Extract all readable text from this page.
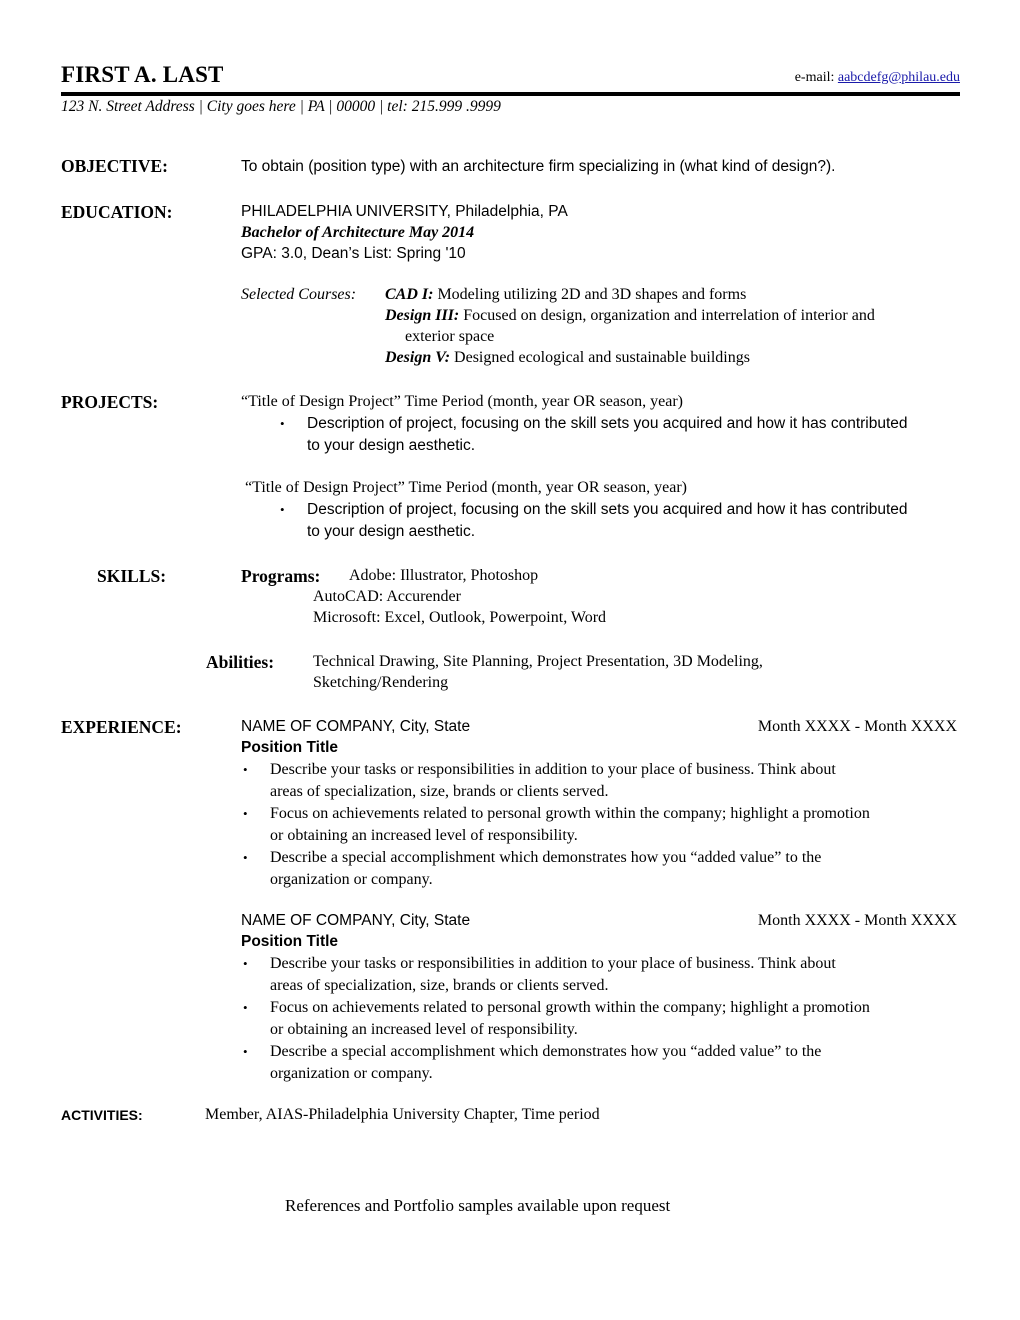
FIRST A. LAST	e-mail: aabcdefg@philau.edu
123 N. Street Address | City goes here | PA | 00000 | tel: 215.999 .9999
OBJECTIVE:	To obtain (position type) with an architecture firm specializing in (what kind of design?).
EDUCATION:	PHILADELPHIA UNIVERSITY, Philadelphia, PA
Bachelor of Architecture May 2014
GPA: 3.0, Dean’s List: Spring '10
Selected Courses: CAD I: Modeling utilizing 2D and 3D shapes and forms
Design III: Focused on design, organization and interrelation of interior and
exterior space
Design V: Designed ecological and sustainable buildings
PROJECTS:	“Title of Design Project” Time Period (month, year OR season, year)
• Description of project, focusing on the skill sets you acquired and how it has contributed
to your design aesthetic.
“Title of Design Project” Time Period (month, year OR season, year)
• Description of project, focusing on the skill sets you acquired and how it has contributed
to your design aesthetic.
SKILLS:	Programs: Adobe: Illustrator, Photoshop
AutoCAD: Accurender
Microsoft: Excel, Outlook, Powerpoint, Word
Abilities: Technical Drawing, Site Planning, Project Presentation, 3D Modeling,
Sketching/Rendering
EXPERIENCE:	NAME OF COMPANY, City, State	Month XXXX - Month XXXX
Position Title
• Describe your tasks or responsibilities in addition to your place of business. Think about
areas of specialization, size, brands or clients served.
• Focus on achievements related to personal growth within the company; highlight a promotion
or obtaining an increased level of responsibility.
• Describe a special accomplishment which demonstrates how you “added value” to the
organization or company.
NAME OF COMPANY, City, State	Month XXXX - Month XXXX
Position Title
• Describe your tasks or responsibilities in addition to your place of business. Think about
areas of specialization, size, brands or clients served.
• Focus on achievements related to personal growth within the company; highlight a promotion
or obtaining an increased level of responsibility.
• Describe a special accomplishment which demonstrates how you “added value” to the
organization or company.
ACTIVITIES:	Member, AIAS-Philadelphia University Chapter, Time period
References and Portfolio samples available upon request
